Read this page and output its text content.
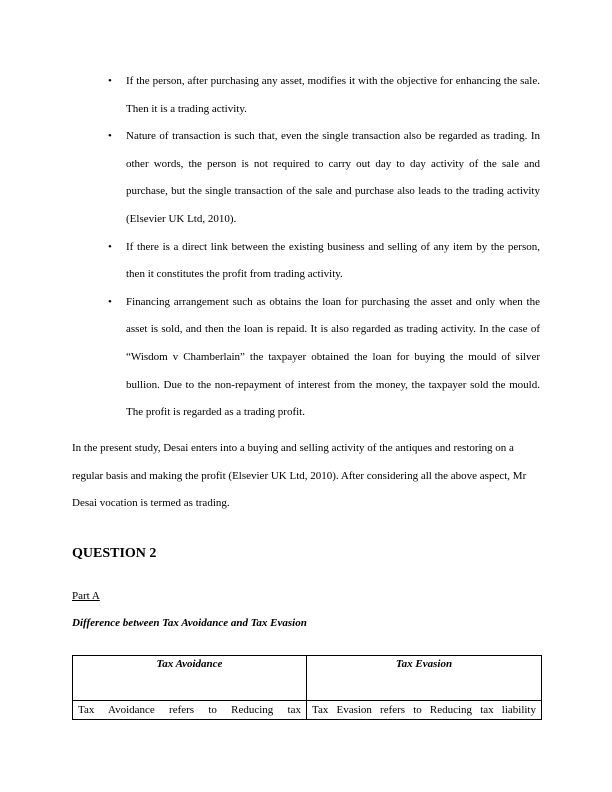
• If the person, after purchasing any asset, modifies it with the objective for enhancing the sale. Then it is a trading activity.
• Nature of transaction is such that, even the single transaction also be regarded as trading. In other words, the person is not required to carry out day to day activity of the sale and purchase, but the single transaction of the sale and purchase also leads to the trading activity (Elsevier UK Ltd, 2010).
• If there is a direct link between the existing business and selling of any item by the person, then it constitutes the profit from trading activity.
• Financing arrangement such as obtains the loan for purchasing the asset and only when the asset is sold, and then the loan is repaid. It is also regarded as trading activity. In the case of “Wisdom v Chamberlain” the taxpayer obtained the loan for buying the mould of silver bullion. Due to the non-repayment of interest from the money, the taxpayer sold the mould. The profit is regarded as a trading profit.

In the present study, Desai enters into a buying and selling activity of the antiques and restoring on a regular basis and making the profit (Elsevier UK Ltd, 2010). After considering all the above aspect, Mr Desai vocation is termed as trading.

QUESTION 2

Part A

Difference between Tax Avoidance and Tax Evasion

Tax Avoidance	Tax Evasion
Tax Avoidance refers to Reducing tax	Tax Evasion refers to Reducing tax liability
